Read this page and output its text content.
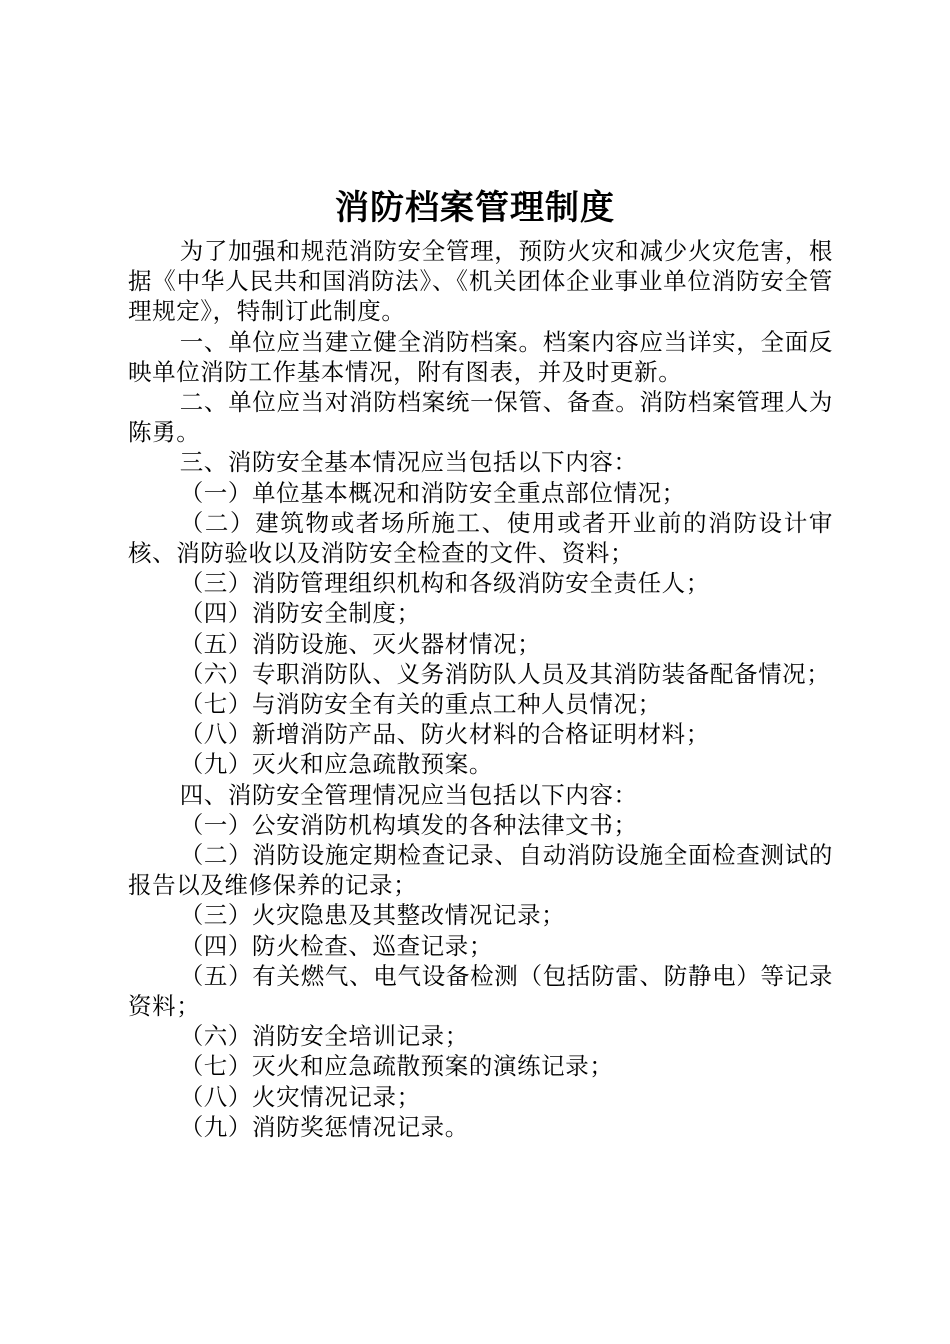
消防档案管理制度

为了加强和规范消防安全管理，预防火灾和减少火灾危害，根据《中华人民共和国消防法》、《机关团体企业事业单位消防安全管理规定》，特制订此制度。

一、单位应当建立健全消防档案。档案内容应当详实，全面反映单位消防工作基本情况，附有图表，并及时更新。

二、单位应当对消防档案统一保管、备查。消防档案管理人为陈勇。

三、消防安全基本情况应当包括以下内容：

（一）单位基本概况和消防安全重点部位情况；

（二）建筑物或者场所施工、使用或者开业前的消防设计审核、消防验收以及消防安全检查的文件、资料；

（三）消防管理组织机构和各级消防安全责任人；

（四）消防安全制度；

（五）消防设施、灭火器材情况；

（六）专职消防队、义务消防队人员及其消防装备配备情况；

（七）与消防安全有关的重点工种人员情况；

（八）新增消防产品、防火材料的合格证明材料；

（九）灭火和应急疏散预案。

四、消防安全管理情况应当包括以下内容：

（一）公安消防机构填发的各种法律文书；

（二）消防设施定期检查记录、自动消防设施全面检查测试的报告以及维修保养的记录；

（三）火灾隐患及其整改情况记录；

（四）防火检查、巡查记录；

（五）有关燃气、电气设备检测（包括防雷、防静电）等记录资料；

（六）消防安全培训记录；

（七）灭火和应急疏散预案的演练记录；

（八）火灾情况记录；

（九）消防奖惩情况记录。
